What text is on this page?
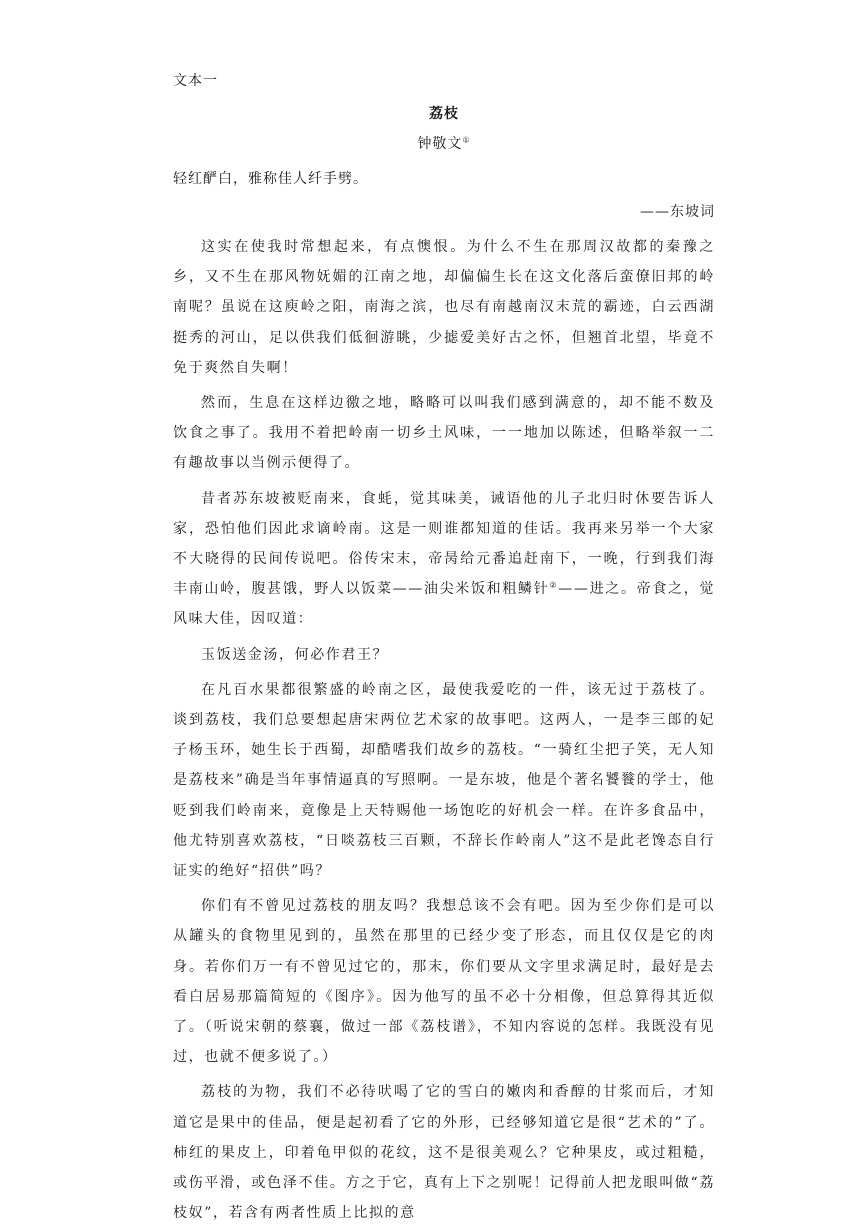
文本一

荔枝

钟敬文①

轻红酽白，雅称佳人纤手劈。

——东坡词

这实在使我时常想起来，有点懊恨。为什么不生在那周汉故都的秦豫之乡，又不生在那风物妩媚的江南之地，却偏偏生长在这文化落后蛮僚旧邦的岭南呢？虽说在这庾岭之阳，南海之滨，也尽有南越南汉末荒的霸迹，白云西湖挺秀的河山，足以供我们低徊游眺，少摅爱美好古之怀，但翘首北望，毕竟不免于爽然自失啊！

然而，生息在这样边徼之地，略略可以叫我们感到满意的，却不能不数及饮食之事了。我用不着把岭南一切乡土风味，一一地加以陈述，但略举叙一二有趣故事以当例示便得了。

昔者苏东坡被贬南来，食蚝，觉其味美，诫语他的儿子北归时休要告诉人家，恐怕他们因此求谪岭南。这是一则谁都知道的佳话。我再来另举一个大家不大晓得的民间传说吧。俗传宋末，帝昺给元番追赶南下，一晚，行到我们海丰南山岭，腹甚饿，野人以饭菜——油尖米饭和粗鳞针②——进之。帝食之，觉风味大佳，因叹道：

玉饭送金汤，何必作君王？

在凡百水果都很繁盛的岭南之区，最使我爱吃的一件，该无过于荔枝了。谈到荔枝，我们总要想起唐宋两位艺术家的故事吧。这两人，一是李三郎的妃子杨玉环，她生长于西蜀，却酷嗜我们故乡的荔枝。“一骑红尘把子笑，无人知是荔枝来”确是当年事情逼真的写照啊。一是东坡，他是个著名饕餮的学士，他贬到我们岭南来，竟像是上天特赐他一场饱吃的好机会一样。在许多食品中，他尤特别喜欢荔枝，“日啖荔枝三百颗，不辞长作岭南人”这不是此老馋态自行证实的绝好“招供”吗？

你们有不曾见过荔枝的朋友吗？我想总该不会有吧。因为至少你们是可以从罐头的食物里见到的，虽然在那里的已经少变了形态，而且仅仅是它的肉身。若你们万一有不曾见过它的，那末，你们要从文字里求满足时，最好是去看白居易那篇简短的《图序》。因为他写的虽不必十分相像，但总算得其近似了。（听说宋朝的蔡襄，做过一部《荔枝谱》，不知内容说的怎样。我既没有见过，也就不便多说了。）

荔枝的为物，我们不必待吠喝了它的雪白的嫩肉和香醇的甘浆而后，才知道它是果中的佳品，便是起初看了它的外形，已经够知道它是很“艺术的”了。柿红的果皮上，印着龟甲似的花纹，这不是很美观么？它种果皮，或过粗糙，或伤平滑，或色泽不佳。方之于它，真有上下之别呢！记得前人把龙眼叫做“荔枝奴”，若含有两者性质上比拟的意
